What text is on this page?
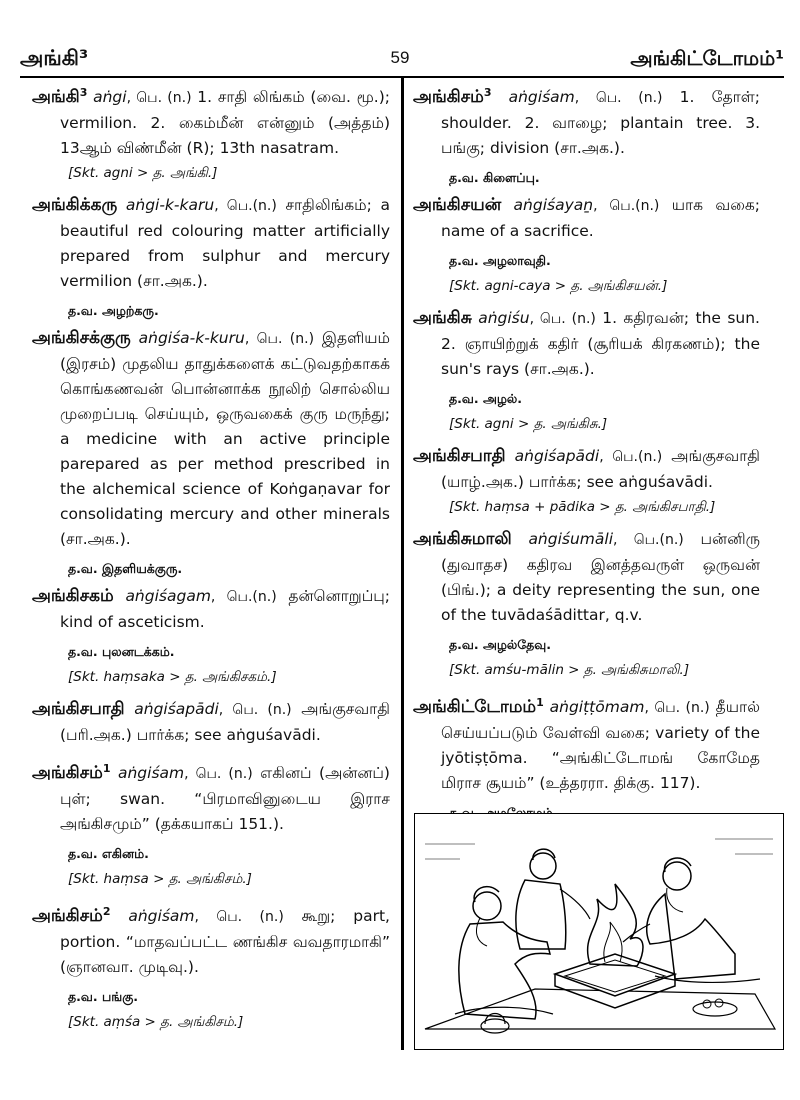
அங்கி³	59	அங்கிட்டோமம்¹

அங்கி$^3$ aṅgi, பெ. (n.) 1. சாதி லிங்கம் (வை. மூ.); vermilion. 2. கைம்மீன் என்னும் (அத்தம்) 13ஆம் விண்மீன் (R); 13th nasatram.

[Skt. agni > த. அங்கி.]

அங்கிக்கரு aṅgi-k-karu, பெ.(n.) சாதிலிங்கம்; a beautiful red colouring matter artificially prepared from sulphur and mercury vermilion (சா.அக.).

த.வ. அழற்கரு.

அங்கிசக்குரு aṅgiśa-k-kuru, பெ. (n.) இதளியம் (இரசம்) முதலிய தாதுக்களைக் கட்டுவதற்காகக் கொங்கணவன் பொன்னாக்க நூலிற் சொல்லிய முறைப்படி செய்யும், ஒருவகைக் குரு மருந்து; a medicine with an active principle parepared as per method prescribed in the alchemical science of Koṅgaṇavar for consolidating mercury and other minerals (சா.அக.).

த.வ. இதளியக்குரு.

அங்கிசகம் aṅgiśagam, பெ.(n.) தன்னொறுப்பு; kind of asceticism.

த.வ. புலனடக்கம்.
[Skt. haṃsaka > த. அங்கிசகம்.]

அங்கிசபாதி aṅgiśapādi, பெ. (n.) அங்குசவாதி (பரி.அக.) பார்க்க; see aṅguśavādi.

அங்கிசம்$^1$ aṅgiśam, பெ. (n.) எகினப் (அன்னப்) புள்; swan. “பிரமாவினுடைய இராச அங்கிசமும்” (தக்கயாகப் 151.).

த.வ. எகினம்.
[Skt. haṃsa > த. அங்கிசம்.]

அங்கிசம்$^2$ aṅgiśam, பெ. (n.) கூறு; part, portion. “மாதவப்பட்ட ணங்கிச வவதாரமாகி” (ஞானவா. முடிவு.).

த.வ. பங்கு.
[Skt. aṃśa > த. அங்கிசம்.]

அங்கிசம்$^3$ aṅgiśam, பெ. (n.) 1. தோள்; shoulder. 2. வாழை; plantain tree. 3. பங்கு; division (சா.அக.).

த.வ. கிளைப்பு.

அங்கிசயன் aṅgiśayaṉ, பெ.(n.) யாக வகை; name of a sacrifice.

த.வ. அழலாவுதி.
[Skt. agni-caya > த. அங்கிசயன்.]

அங்கிசு aṅgiśu, பெ. (n.) 1. கதிரவன்; the sun. 2. ஞாயிற்றுக் கதிர் (சூரியக் கிரகணம்); the sun's rays (சா.அக.).

த.வ. அழல்.
[Skt. agni > த. அங்கிசு.]

அங்கிசபாதி aṅgiśapādi, பெ.(n.) அங்குசவாதி (யாழ்.அக.) பார்க்க; see aṅguśavādi.

[Skt. haṃsa + pādika > த. அங்கிசபாதி.]

அங்கிசுமாலி aṅgiśumāli, பெ.(n.) பன்னிரு (துவாதச) கதிரவ இனத்தவருள் ஒருவன் (பிங்.); a deity representing the sun, one of the tuvādaśādittar, q.v.

த.வ. அழல்தேவு.
[Skt. amśu-mālin > த. அங்கிசுமாலி.]

அங்கிட்டோமம்$^1$ aṅgiṭṭōmam, பெ. (n.) தீயால் செய்யப்படும் வேள்வி வகை; variety of the jyōtiṣṭōma. “அங்கிட்டோமங் கோமேத மிராச சூயம்” (உத்தரரா. திக்கு. 117).
